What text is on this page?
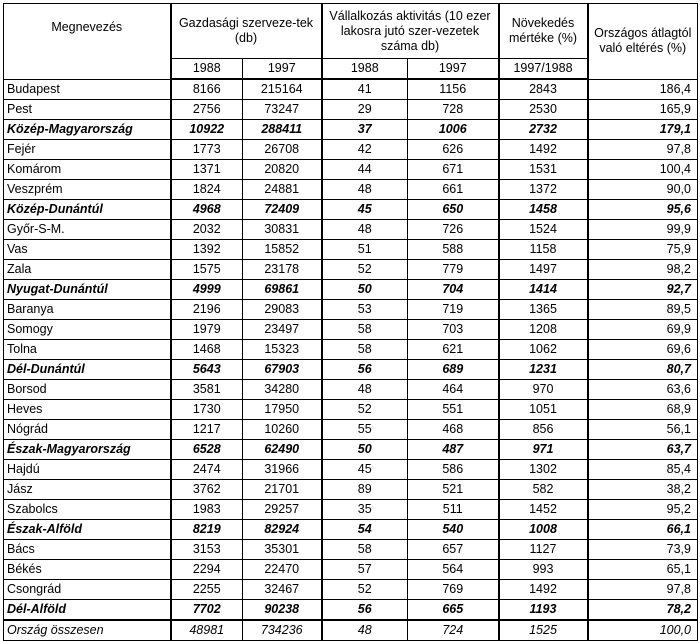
Megnevezés	Gazdasági szerveze-tek (db)		Vállalkozás aktivitás (10 ezer lakosra jutó szer-vezetek száma db)		Növekedés mértéke (%)	Országos átlagtól való eltérés (%)
	1988	1997	1988	1997	1997/1988	
Budapest	8166	215164	41	1156	2843	186,4
Pest	2756	73247	29	728	2530	165,9
Közép-Magyarország	10922	288411	37	1006	2732	179,1
Fejér	1773	26708	42	626	1492	97,8
Komárom	1371	20820	44	671	1531	100,4
Veszprém	1824	24881	48	661	1372	90,0
Közép-Dunántúl	4968	72409	45	650	1458	95,6
Győr-S-M.	2032	30831	48	726	1524	99,9
Vas	1392	15852	51	588	1158	75,9
Zala	1575	23178	52	779	1497	98,2
Nyugat-Dunántúl	4999	69861	50	704	1414	92,7
Baranya	2196	29083	53	719	1365	89,5
Somogy	1979	23497	58	703	1208	69,9
Tolna	1468	15323	58	621	1062	69,6
Dél-Dunántúl	5643	67903	56	689	1231	80,7
Borsod	3581	34280	48	464	970	63,6
Heves	1730	17950	52	551	1051	68,9
Nógrád	1217	10260	55	468	856	56,1
Észak-Magyarország	6528	62490	50	487	971	63,7
Hajdú	2474	31966	45	586	1302	85,4
Jász	3762	21701	89	521	582	38,2
Szabolcs	1983	29257	35	511	1452	95,2
Észak-Alföld	8219	82924	54	540	1008	66,1
Bács	3153	35301	58	657	1127	73,9
Békés	2294	22470	57	564	993	65,1
Csongrád	2255	32467	52	769	1492	97,8
Dél-Alföld	7702	90238	56	665	1193	78,2
Ország összesen	48981	734236	48	724	1525	100,0
